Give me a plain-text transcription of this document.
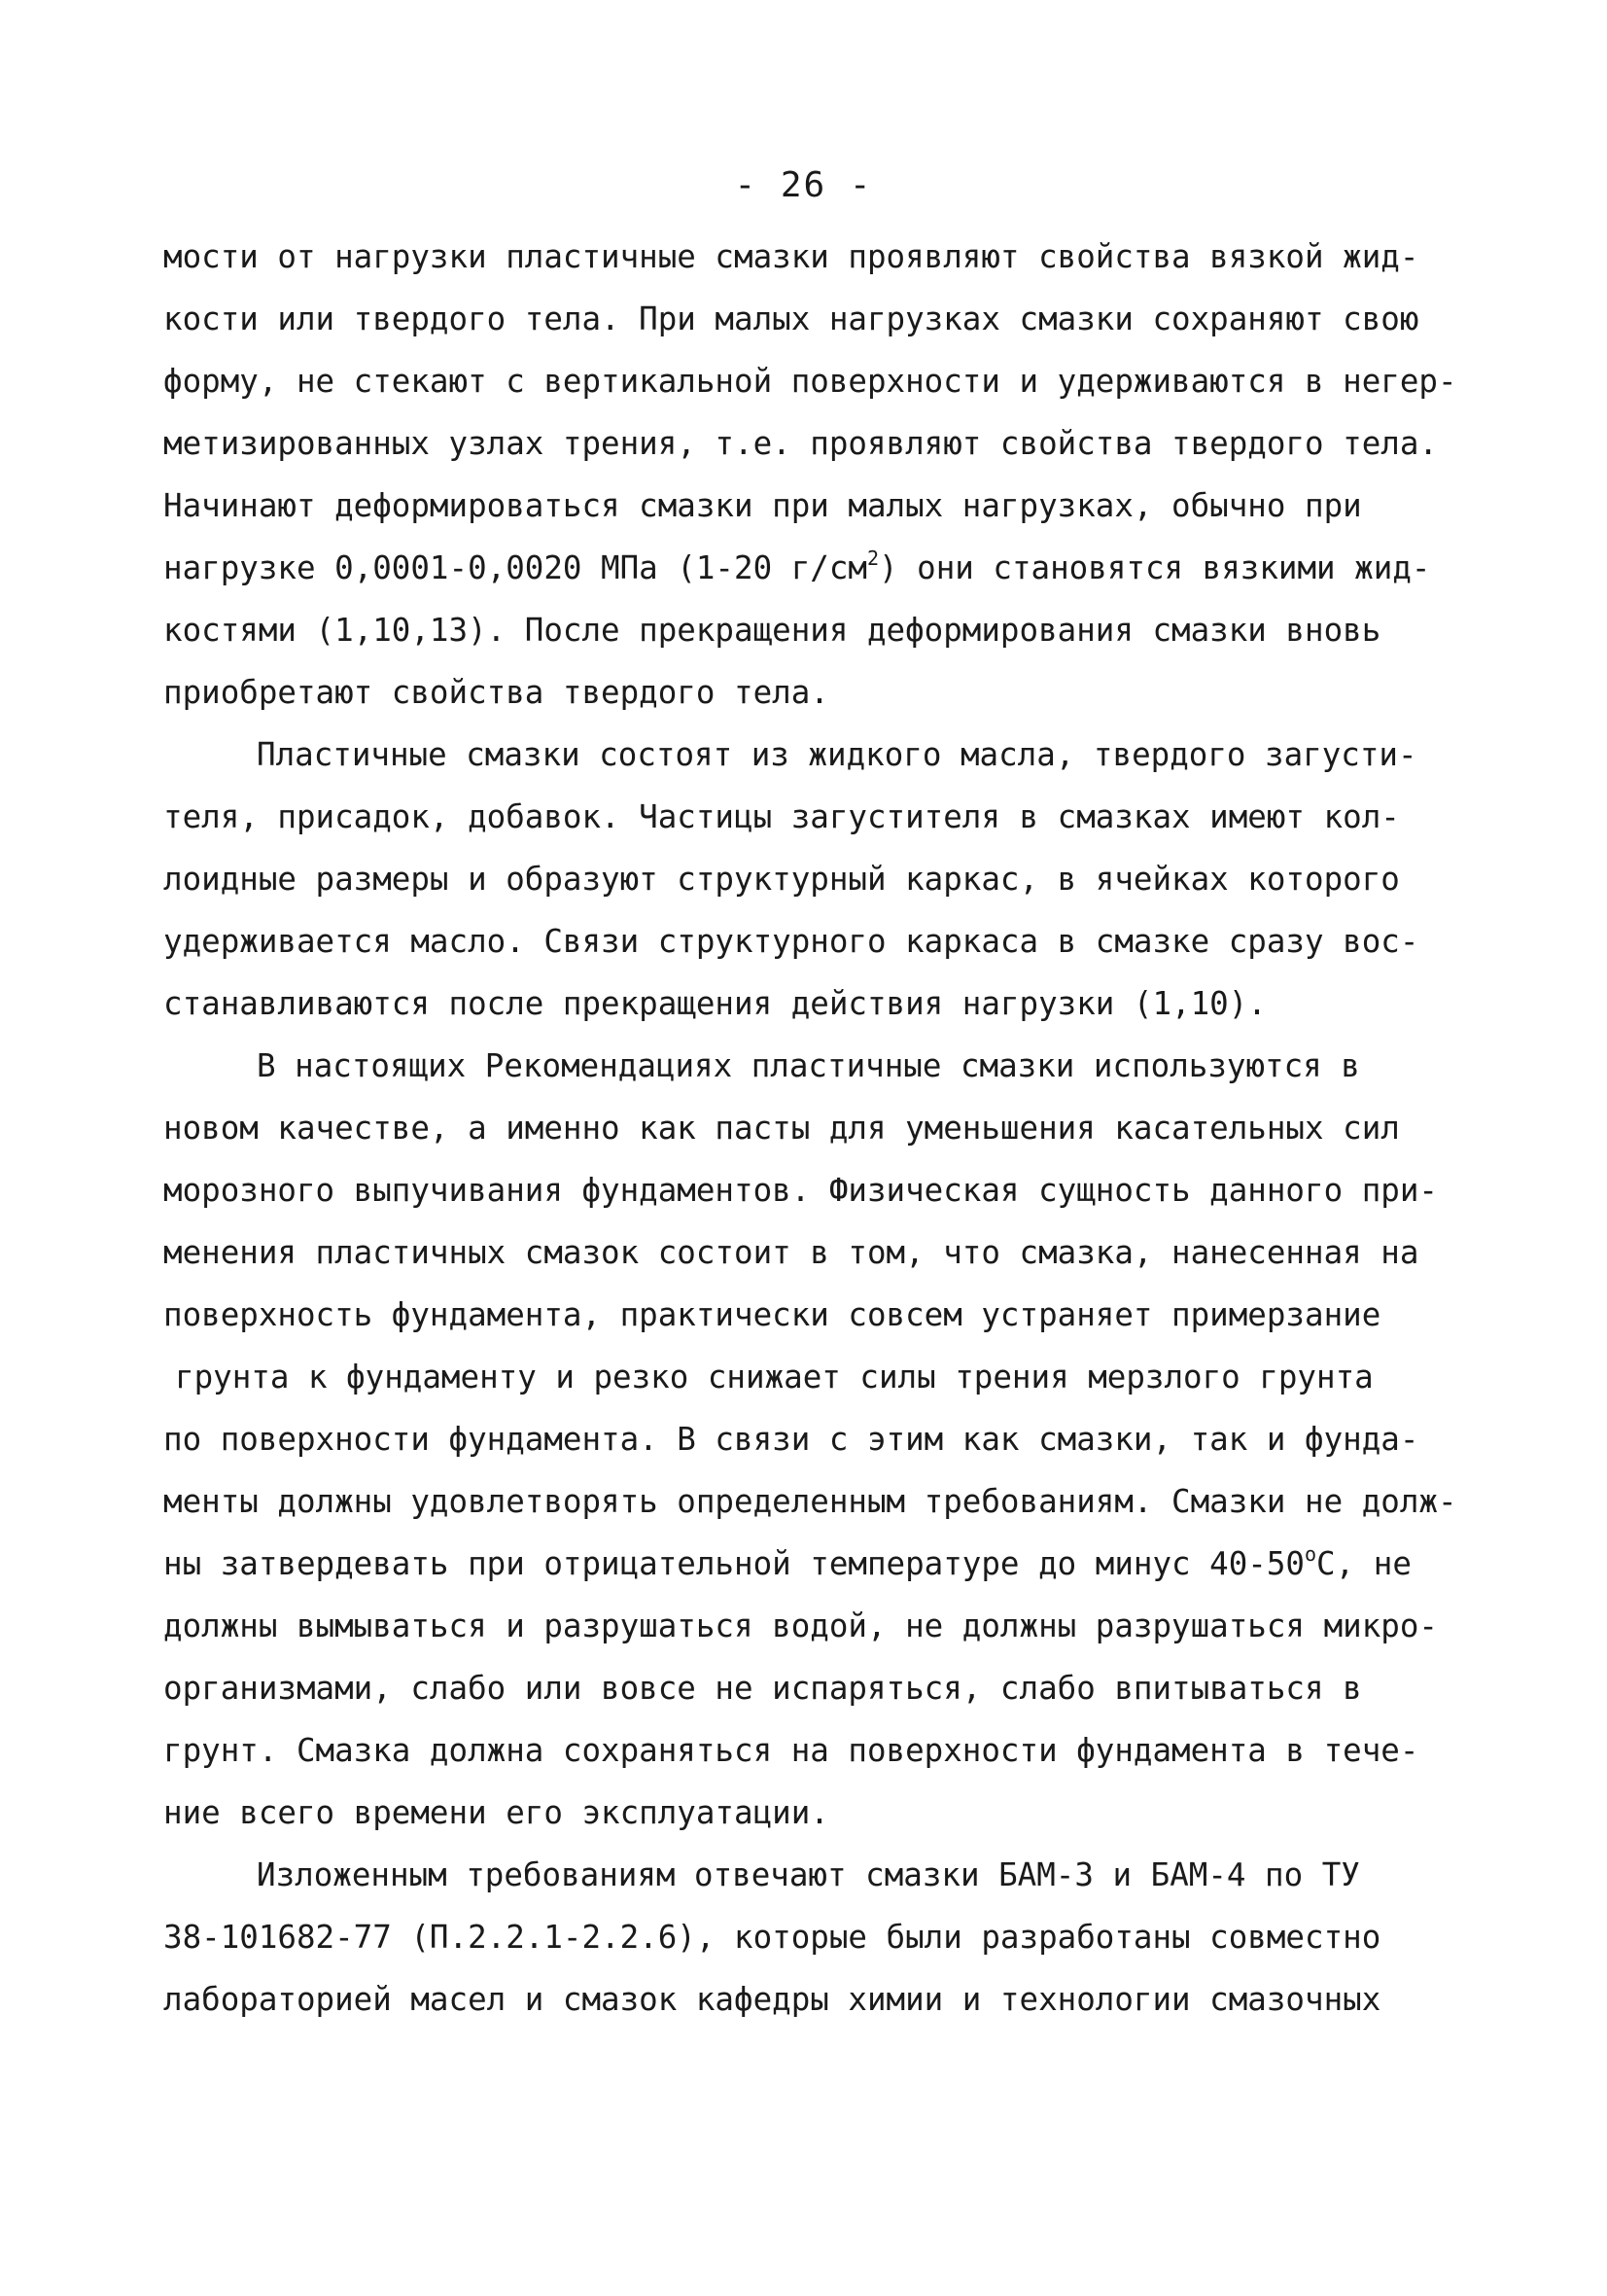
- 26 -
мости от нагрузки пластичные смазки проявляют свойства вязкой жид-
кости или твердого тела. При малых нагрузках смазки сохраняют свою
форму, не стекают с вертикальной поверхности и удерживаются в негер-
метизированных узлах трения, т.е. проявляют свойства твердого тела.
Начинают деформироваться смазки при малых нагрузках, обычно при
нагрузке 0,0001-0,0020 МПа (1-20 $г/см^2$) они становятся вязкими жид-
костями (1,10,13). После прекращения деформирования смазки вновь
приобретают свойства твердого тела.
Пластичные смазки состоят из жидкого масла, твердого загусти-
теля, присадок, добавок. Частицы загустителя в смазках имеют кол-
лоидные размеры и образуют структурный каркас, в ячейках которого
удерживается масло. Связи структурного каркаса в смазке сразу вос-
станавливаются после прекращения действия нагрузки (1,10).
В настоящих Рекомендациях пластичные смазки используются в
новом качестве, а именно как пасты для уменьшения касательных сил
морозного выпучивания фундаментов. Физическая сущность данного при-
менения пластичных смазок состоит в том, что смазка, нанесенная на
поверхность фундамента, практически совсем устраняет примерзание
грунта к фундаменту и резко снижает силы трения мерзлого грунта
по поверхности фундамента. В связи с этим как смазки, так и фунда-
менты должны удовлетворять определенным требованиям. Смазки не долж-
ны затвердевать при отрицательной температуре до минус $40-50^оС$, не
должны вымываться и разрушаться водой, не должны разрушаться микро-
организмами, слабо или вовсе не испаряться, слабо впитываться в
грунт. Смазка должна сохраняться на поверхности фундамента в тече-
ние всего времени его эксплуатации.
Изложенным требованиям отвечают смазки БАМ-3 и БАМ-4 по ТУ
38-101682-77 (П.2.2.1-2.2.6), которые были разработаны совместно
лабораторией масел и смазок кафедры химии и технологии смазочных
